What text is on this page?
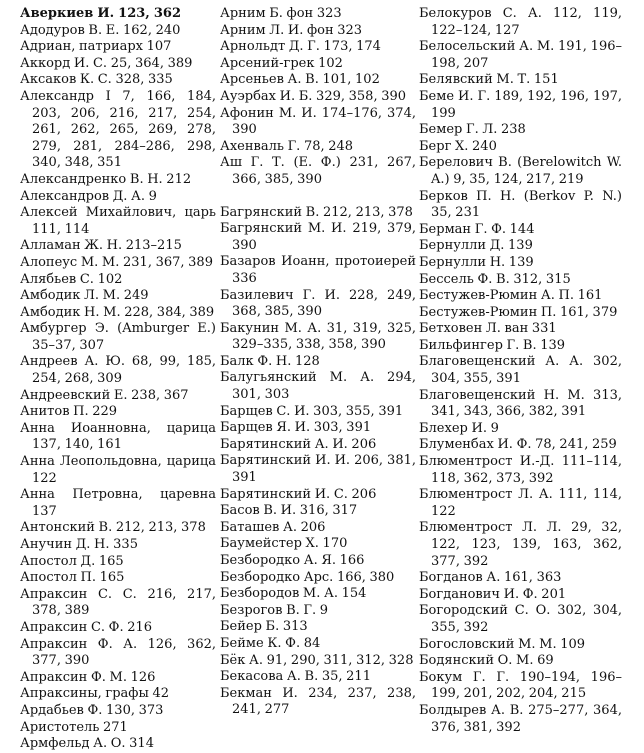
Аверкиев И. 123, 362
Адодуров В. Е. 162, 240
Адриан, патриарх 107
Аккорд И. С. 25, 364, 389
Аксаков К. С. 328, 335
Александр I 7, 166, 184, 203, 206, 216, 217, 254, 261, 262, 265, 269, 278, 279, 281, 284–286, 298, 340, 348, 351
Александренко В. Н. 212
Александров Д. А. 9
Алексей Михайлович, царь 111, 114
Алламан Ж. Н. 213–215
Алопеус М. М. 231, 367, 389
Алябьев С. 102
Амбодик Л. М. 249
Амбодик Н. М. 228, 384, 389
Амбургер Э. (Amburger E.) 35–37, 307
Андреев А. Ю. 68, 99, 185, 254, 268, 309
Андреевский Е. 238, 367
Анитов П. 229
Анна Иоанновна, царица 137, 140, 161
Анна Леопольдовна, царица 122
Анна Петровна, царевна 137
Антонский В. 212, 213, 378
Анучин Д. Н. 335
Апостол Д. 165
Апостол П. 165
Апраксин С. С. 216, 217, 378, 389
Апраксин С. Ф. 216
Апраксин Ф. А. 126, 362, 377, 390
Апраксин Ф. М. 126
Апраксины, графы 42
Ардабьев Ф. 130, 373
Аристотель 271
Армфельд А. О. 314
Арним Б. фон 323
Арним Л. И. фон 323
Арнольдт Д. Г. 173, 174
Арсений-грек 102
Арсеньев А. В. 101, 102
Ауэрбах И. Б. 329, 358, 390
Афонин М. И. 174–176, 374, 390
Ахенваль Г. 78, 248
Аш Г. Т. (Е. Ф.) 231, 267, 366, 385, 390
Багрянский В. 212, 213, 378
Багрянский М. И. 219, 379, 390
Базаров Иоанн, протоиерей 336
Базилевич Г. И. 228, 249, 368, 385, 390
Бакунин М. А. 31, 319, 325, 329–335, 338, 358, 390
Балк Ф. Н. 128
Балугьянский М. А. 294, 301, 303
Барщев С. И. 303, 355, 391
Барщев Я. И. 303, 391
Барятинский А. И. 206
Барятинский И. И. 206, 381, 391
Барятинский И. С. 206
Басов В. И. 316, 317
Баташев А. 206
Баумейстер Х. 170
Безбородко А. Я. 166
Безбородко Арс. 166, 380
Безбородов М. А. 154
Безрогов В. Г. 9
Бейер Б. 313
Бейме К. Ф. 84
Бёк А. 91, 290, 311, 312, 328
Бекасова А. В. 35, 211
Бекман И. 234, 237, 238, 241, 277
Белокуров С. А. 112, 119, 122–124, 127
Белосельский А. М. 191, 196–198, 207
Белявский М. Т. 151
Беме И. Г. 189, 192, 196, 197, 199
Бемер Г. Л. 238
Берг Х. 240
Берелович В. (Berelowitch W. A.) 9, 35, 124, 217, 219
Берков П. Н. (Berkov P. N.) 35, 231
Берман Г. Ф. 144
Бернулли Д. 139
Бернулли Н. 139
Бессель Ф. В. 312, 315
Бестужев-Рюмин А. П. 161
Бестужев-Рюмин П. 161, 379
Бетховен Л. ван 331
Бильфингер Г. В. 139
Благовещенский А. А. 302, 304, 355, 391
Благовещенский Н. М. 313, 341, 343, 366, 382, 391
Блехер И. 9
Блуменбах И. Ф. 78, 241, 259
Блюментрост И.-Д. 111–114, 118, 362, 373, 392
Блюментрост Л. А. 111, 114, 122
Блюментрост Л. Л. 29, 32, 122, 123, 139, 163, 362, 377, 392
Богданов А. 161, 363
Богданович И. Ф. 201
Богородский С. О. 302, 304, 355, 392
Богословский М. М. 109
Бодянский О. М. 69
Бокум Г. Г. 190–194, 196–199, 201, 202, 204, 215
Болдырев А. В. 275–277, 364, 376, 381, 392
